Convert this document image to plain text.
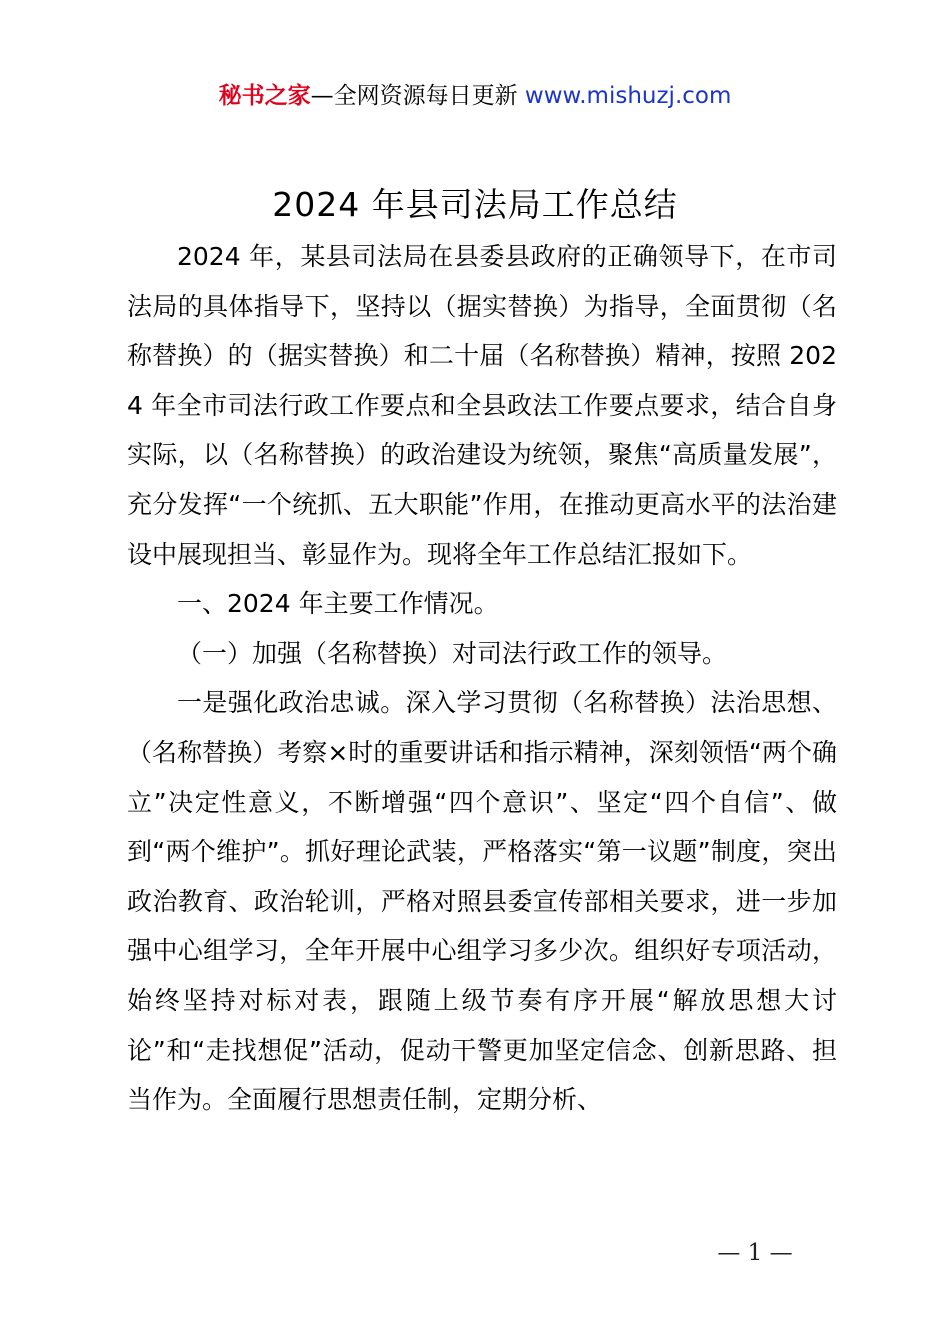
秘书之家—全网资源每日更新 www.mishuzj.com
2024 年县司法局工作总结

2024 年，某县司法局在县委县政府的正确领导下，在市司法局的具体指导下，坚持以（据实替换）为指导，全面贯彻（名称替换）的（据实替换）和二十届（名称替换）精神，按照 2024 年全市司法行政工作要点和全县政法工作要点要求，结合自身实际，以（名称替换）的政治建设为统领，聚焦“高质量发展”，充分发挥“一个统抓、五大职能”作用，在推动更高水平的法治建设中展现担当、彰显作为。现将全年工作总结汇报如下。

一、2024 年主要工作情况。

（一）加强（名称替换）对司法行政工作的领导。

一是强化政治忠诚。深入学习贯彻（名称替换）法治思想、（名称替换）考察×时的重要讲话和指示精神，深刻领悟“两个确立”决定性意义，不断增强“四个意识”、坚定“四个自信”、做到“两个维护”。抓好理论武装，严格落实“第一议题”制度，突出政治教育、政治轮训，严格对照县委宣传部相关要求，进一步加强中心组学习，全年开展中心组学习多少次。组织好专项活动，始终坚持对标对表，跟随上级节奏有序开展“解放思想大讨论”和“走找想促”活动，促动干警更加坚定信念、创新思路、担当作为。全面履行思想责任制，定期分析、

— 1 —
